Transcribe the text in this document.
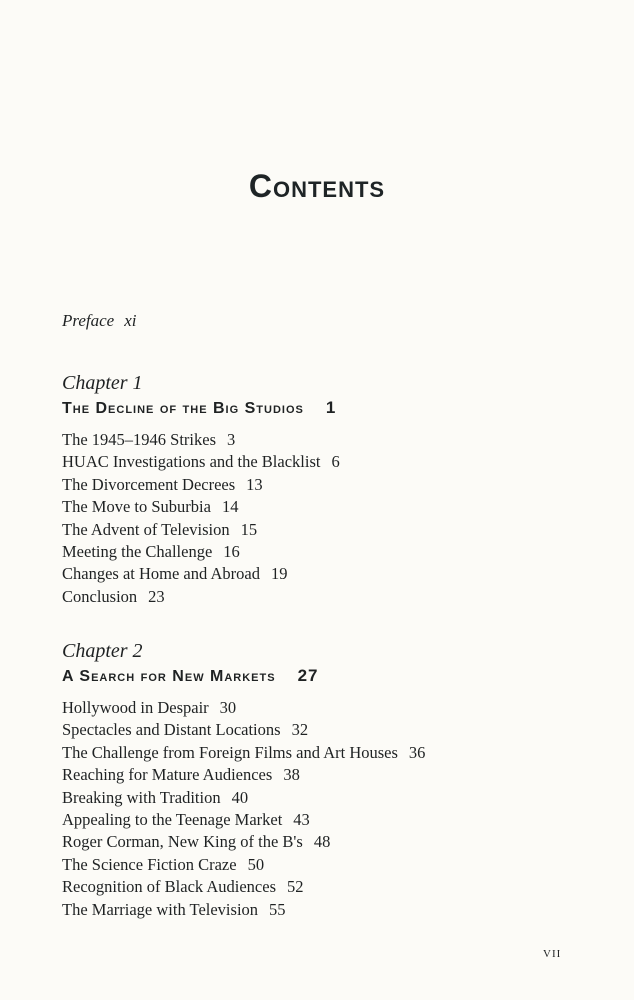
Contents
Preface xi
Chapter 1
The Decline of the Big Studios 1
The 1945–1946 Strikes 3
HUAC Investigations and the Blacklist 6
The Divorcement Decrees 13
The Move to Suburbia 14
The Advent of Television 15
Meeting the Challenge 16
Changes at Home and Abroad 19
Conclusion 23
Chapter 2
A Search for New Markets 27
Hollywood in Despair 30
Spectacles and Distant Locations 32
The Challenge from Foreign Films and Art Houses 36
Reaching for Mature Audiences 38
Breaking with Tradition 40
Appealing to the Teenage Market 43
Roger Corman, New King of the B's 48
The Science Fiction Craze 50
Recognition of Black Audiences 52
The Marriage with Television 55
VII
